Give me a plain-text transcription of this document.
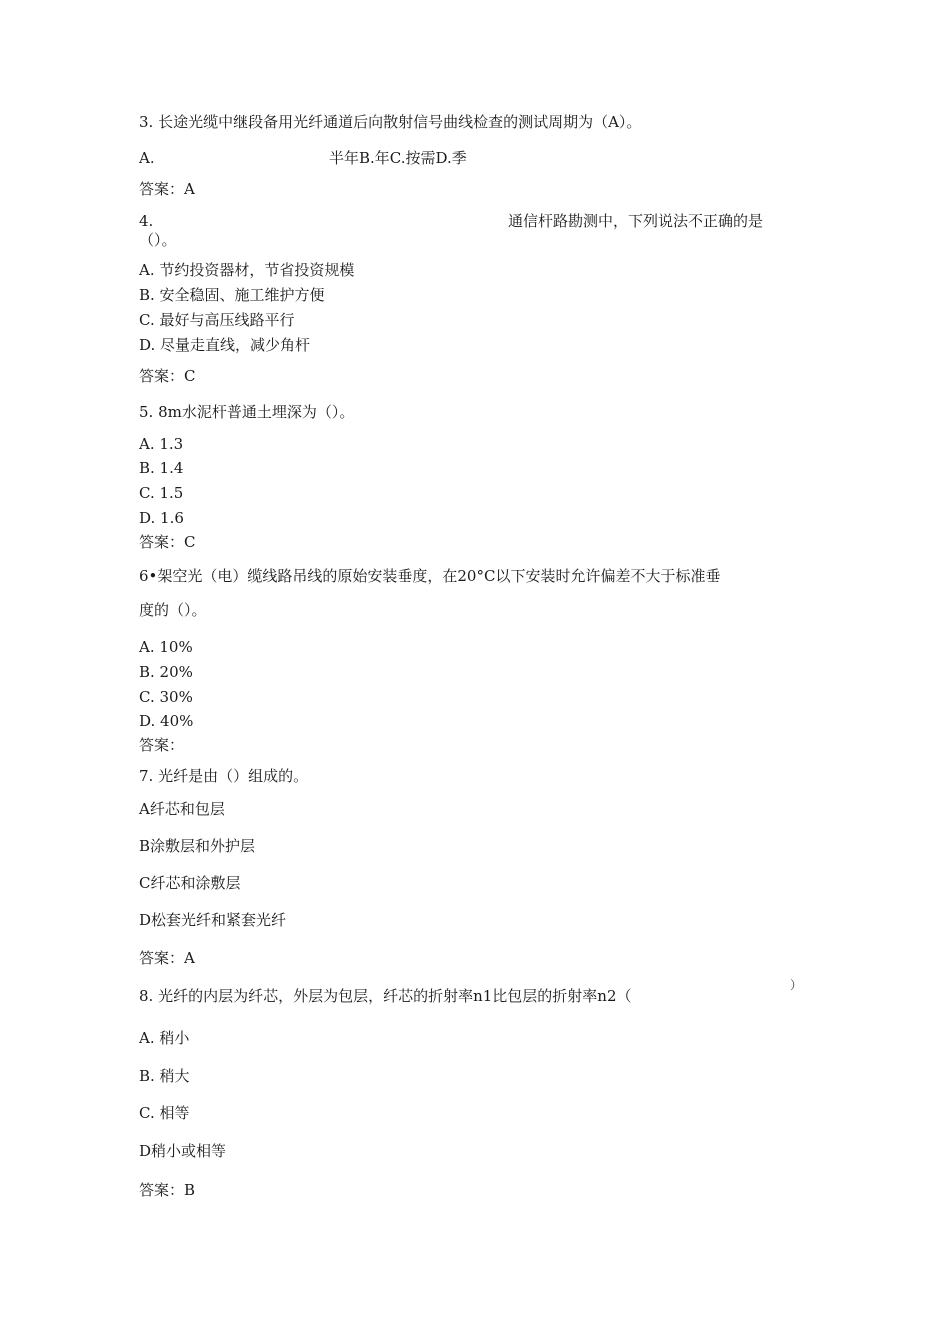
3. 长途光缆中继段备用光纤通道后向散射信号曲线检查的测试周期为（A）。
A.	半年B.年C.按需D.季
答案：A
4.	通信杆路勘测中，下列说法不正确的是
（）。
A. 节约投资器材，节省投资规模
B. 安全稳固、施工维护方便
C. 最好与高压线路平行
D. 尽量走直线，减少角杆
答案：C
5. 8m水泥杆普通土埋深为（）。
A. 1.3
B. 1.4
C. 1.5
D. 1.6
答案：C
6•架空光（电）缆线路吊线的原始安装垂度，在20°C以下安装时允许偏差不大于标准垂
度的（）。
A. 10%
B. 20%
C. 30%
D. 40%
答案：
7. 光纤是由（）组成的。
A纤芯和包层
B涂敷层和外护层
C纤芯和涂敷层
D松套光纤和紧套光纤
答案：A
8. 光纤的内层为纤芯，外层为包层，纤芯的折射率n1比包层的折射率n2（
）
A. 稍小
B. 稍大
C. 相等
D稍小或相等
答案：B
